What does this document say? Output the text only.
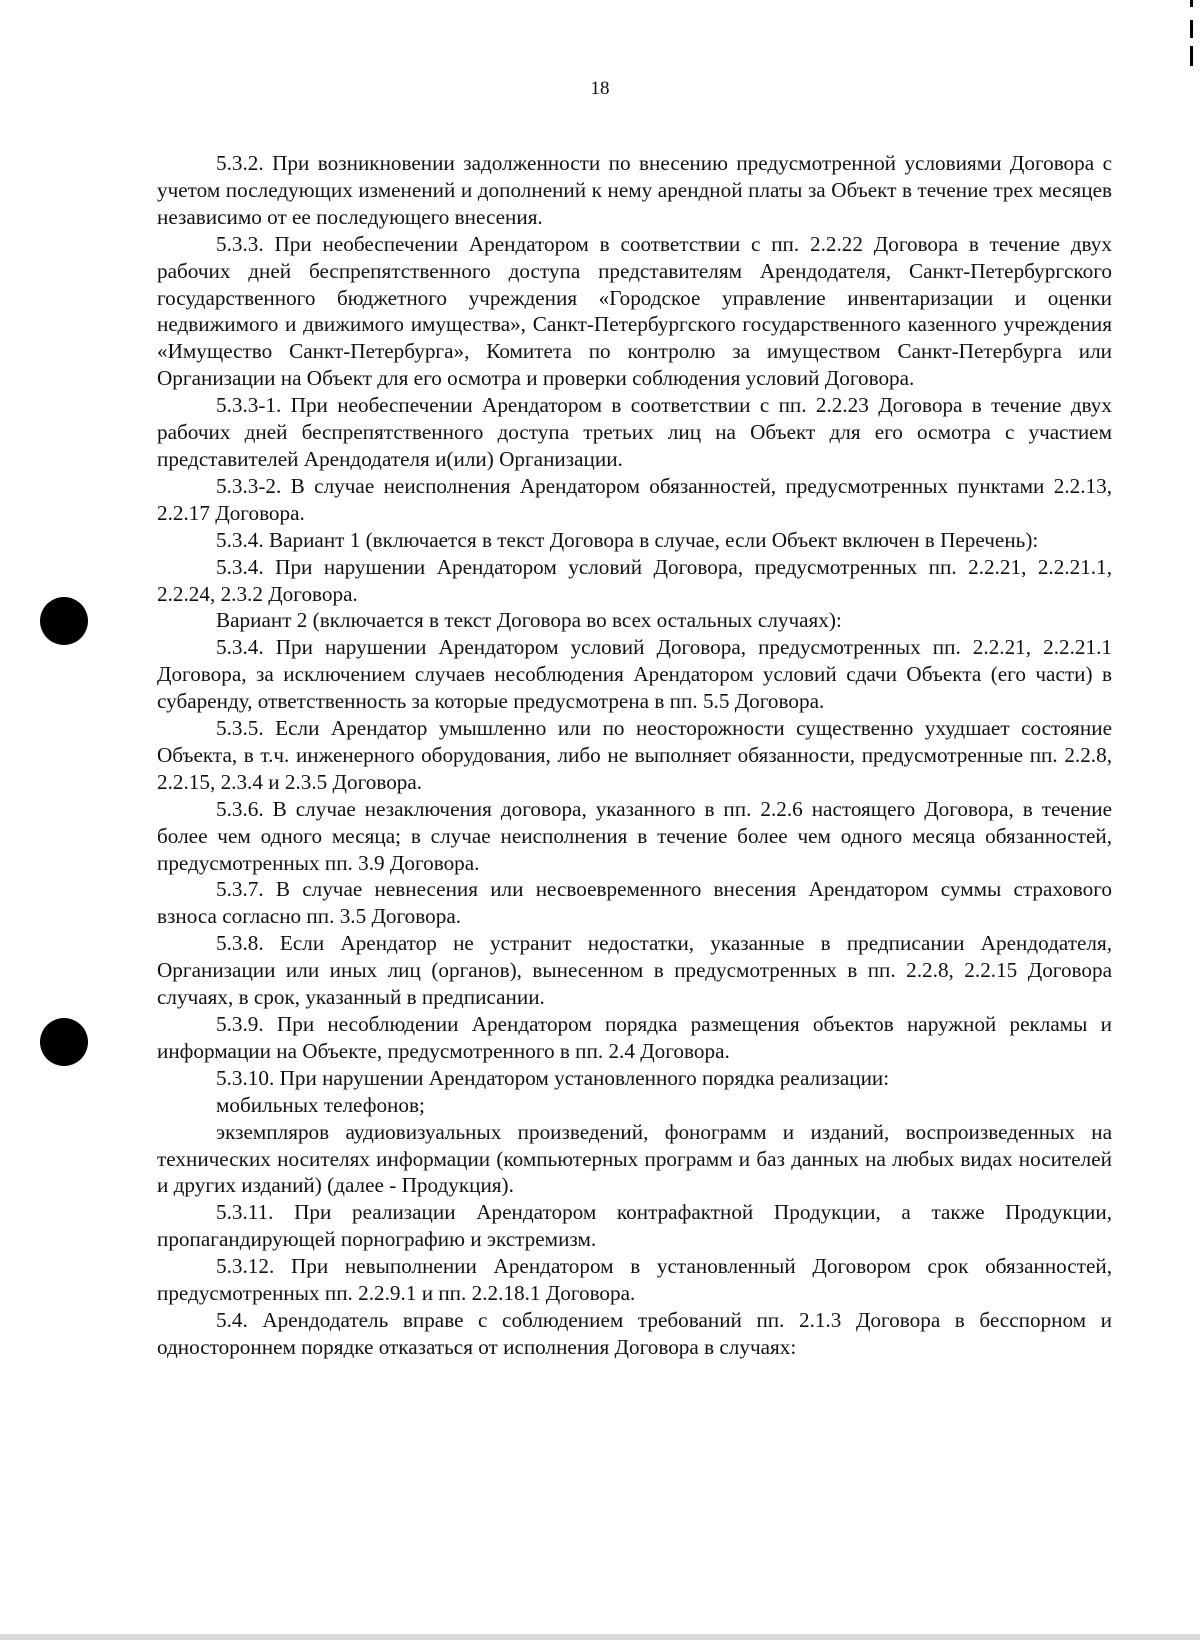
18

5.3.2. При возникновении задолженности по внесению предусмотренной условиями Договора с учетом последующих изменений и дополнений к нему арендной платы за Объект в течение трех месяцев независимо от ее последующего внесения.

5.3.3. При необеспечении Арендатором в соответствии с пп. 2.2.22 Договора в течение двух рабочих дней беспрепятственного доступа представителям Арендодателя, Санкт-Петербургского государственного бюджетного учреждения «Городское управление инвентаризации и оценки недвижимого и движимого имущества», Санкт-Петербургского государственного казенного учреждения «Имущество Санкт-Петербурга», Комитета по контролю за имуществом Санкт-Петербурга или Организации на Объект для его осмотра и проверки соблюдения условий Договора.

5.3.3-1. При необеспечении Арендатором в соответствии с пп. 2.2.23 Договора в течение двух рабочих дней беспрепятственного доступа третьих лиц на Объект для его осмотра с участием представителей Арендодателя и(или) Организации.

5.3.3-2. В случае неисполнения Арендатором обязанностей, предусмотренных пунктами 2.2.13, 2.2.17 Договора.

5.3.4. Вариант 1 (включается в текст Договора в случае, если Объект включен в Перечень):

5.3.4. При нарушении Арендатором условий Договора, предусмотренных пп. 2.2.21, 2.2.21.1, 2.2.24, 2.3.2 Договора.

Вариант 2 (включается в текст Договора во всех остальных случаях):

5.3.4. При нарушении Арендатором условий Договора, предусмотренных пп. 2.2.21, 2.2.21.1 Договора, за исключением случаев несоблюдения Арендатором условий сдачи Объекта (его части) в субаренду, ответственность за которые предусмотрена в пп. 5.5 Договора.

5.3.5. Если Арендатор умышленно или по неосторожности существенно ухудшает состояние Объекта, в т.ч. инженерного оборудования, либо не выполняет обязанности, предусмотренные пп. 2.2.8, 2.2.15, 2.3.4 и 2.3.5 Договора.

5.3.6. В случае незаключения договора, указанного в пп. 2.2.6 настоящего Договора, в течение более чем одного месяца; в случае неисполнения в течение более чем одного месяца обязанностей, предусмотренных пп. 3.9 Договора.

5.3.7. В случае невнесения или несвоевременного внесения Арендатором суммы страхового взноса согласно пп. 3.5 Договора.

5.3.8. Если Арендатор не устранит недостатки, указанные в предписании Арендодателя, Организации или иных лиц (органов), вынесенном в предусмотренных в пп. 2.2.8, 2.2.15 Договора случаях, в срок, указанный в предписании.

5.3.9. При несоблюдении Арендатором порядка размещения объектов наружной рекламы и информации на Объекте, предусмотренного в пп. 2.4 Договора.

5.3.10. При нарушении Арендатором установленного порядка реализации:

мобильных телефонов;

экземпляров аудиовизуальных произведений, фонограмм и изданий, воспроизведенных на технических носителях информации (компьютерных программ и баз данных на любых видах носителей и других изданий) (далее - Продукция).

5.3.11. При реализации Арендатором контрафактной Продукции, а также Продукции, пропагандирующей порнографию и экстремизм.

5.3.12. При невыполнении Арендатором в установленный Договором срок обязанностей, предусмотренных пп. 2.2.9.1 и пп. 2.2.18.1 Договора.

5.4. Арендодатель вправе с соблюдением требований пп. 2.1.3 Договора в бесспорном и одностороннем порядке отказаться от исполнения Договора в случаях:
